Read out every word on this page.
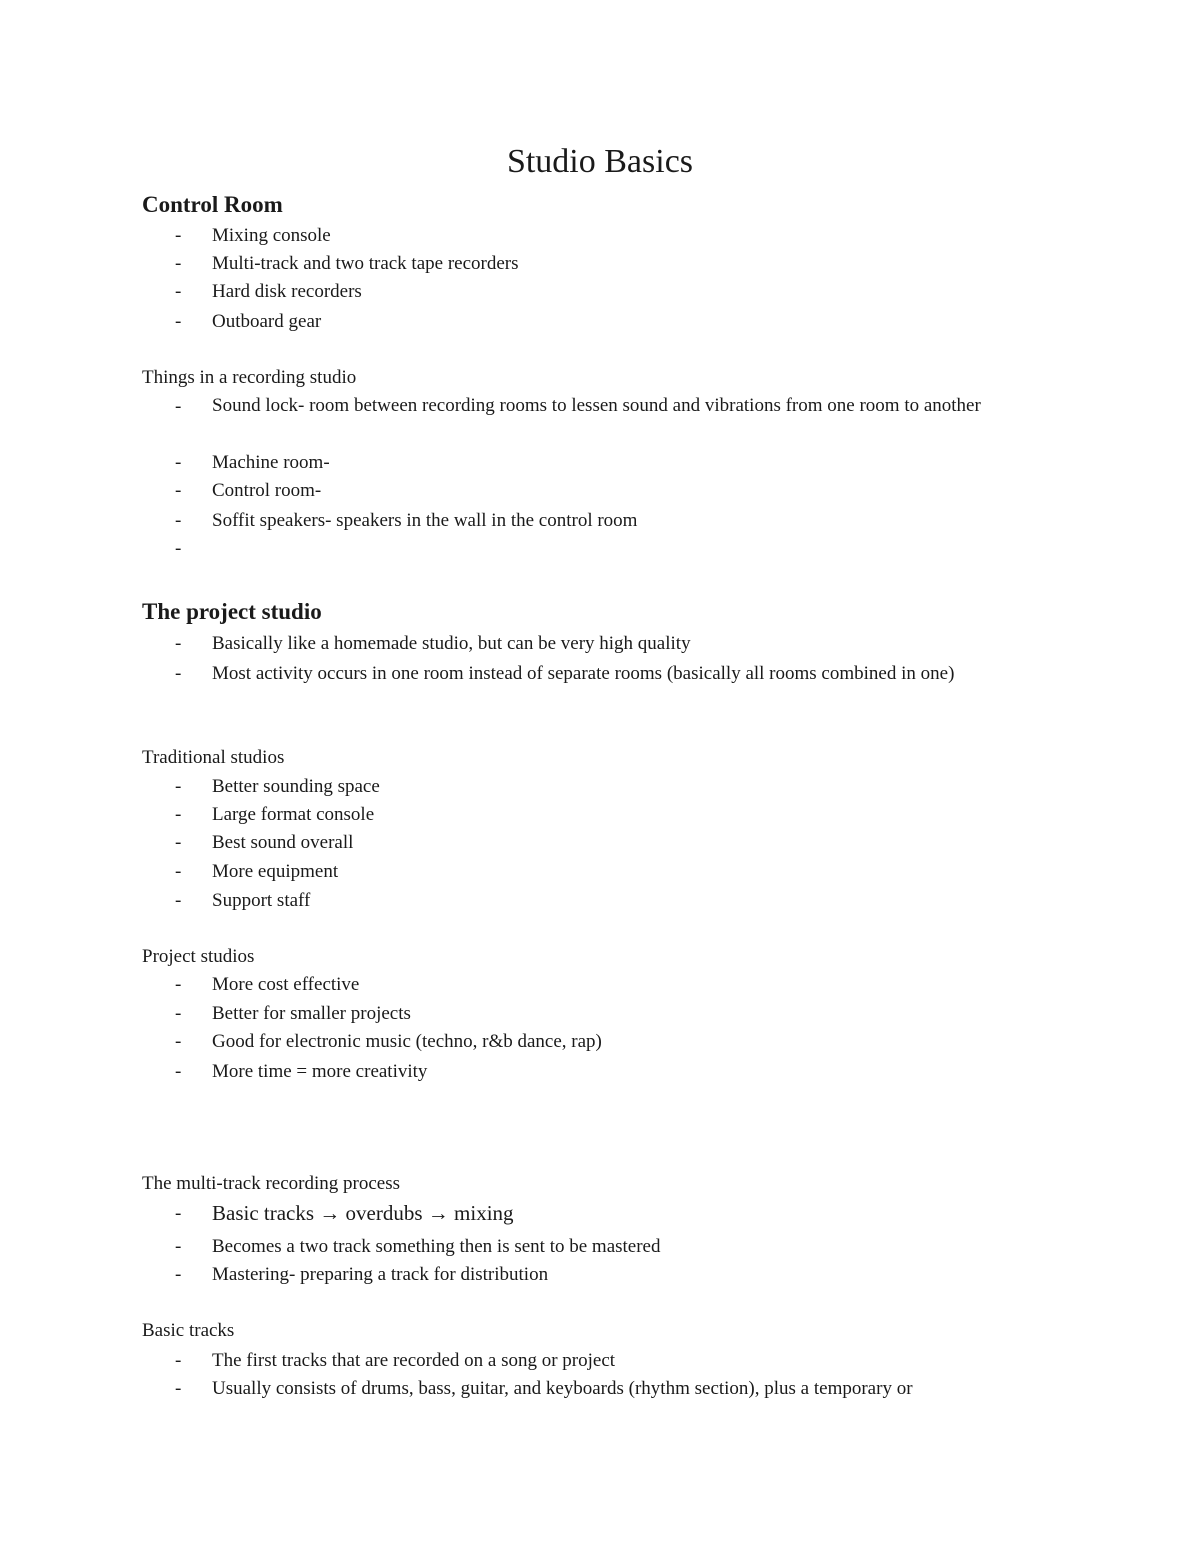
Studio Basics
Control Room
- Mixing console
- Multi-track and two track tape recorders
- Hard disk recorders
- Outboard gear

Things in a recording studio

- Sound lock- room between recording rooms to lessen sound and vibrations from one room to another
- Machine room-
- Control room-
- Soffit speakers- speakers in the wall in the control room
-
The project studio
- Basically like a homemade studio, but can be very high quality
- Most activity occurs in one room instead of separate rooms (basically all rooms combined in one)

Traditional studios

- Better sounding space
- Large format console
- Best sound overall
- More equipment
- Support staff

Project studios

- More cost effective
- Better for smaller projects
- Good for electronic music (techno, r&b dance, rap)
- More time = more creativity

The multi-track recording process

- Basic tracks → overdubs → mixing
- Becomes a two track something then is sent to be mastered
- Mastering- preparing a track for distribution

Basic tracks

- The first tracks that are recorded on a song or project
- Usually consists of drums, bass, guitar, and keyboards (rhythm section), plus a temporary or
